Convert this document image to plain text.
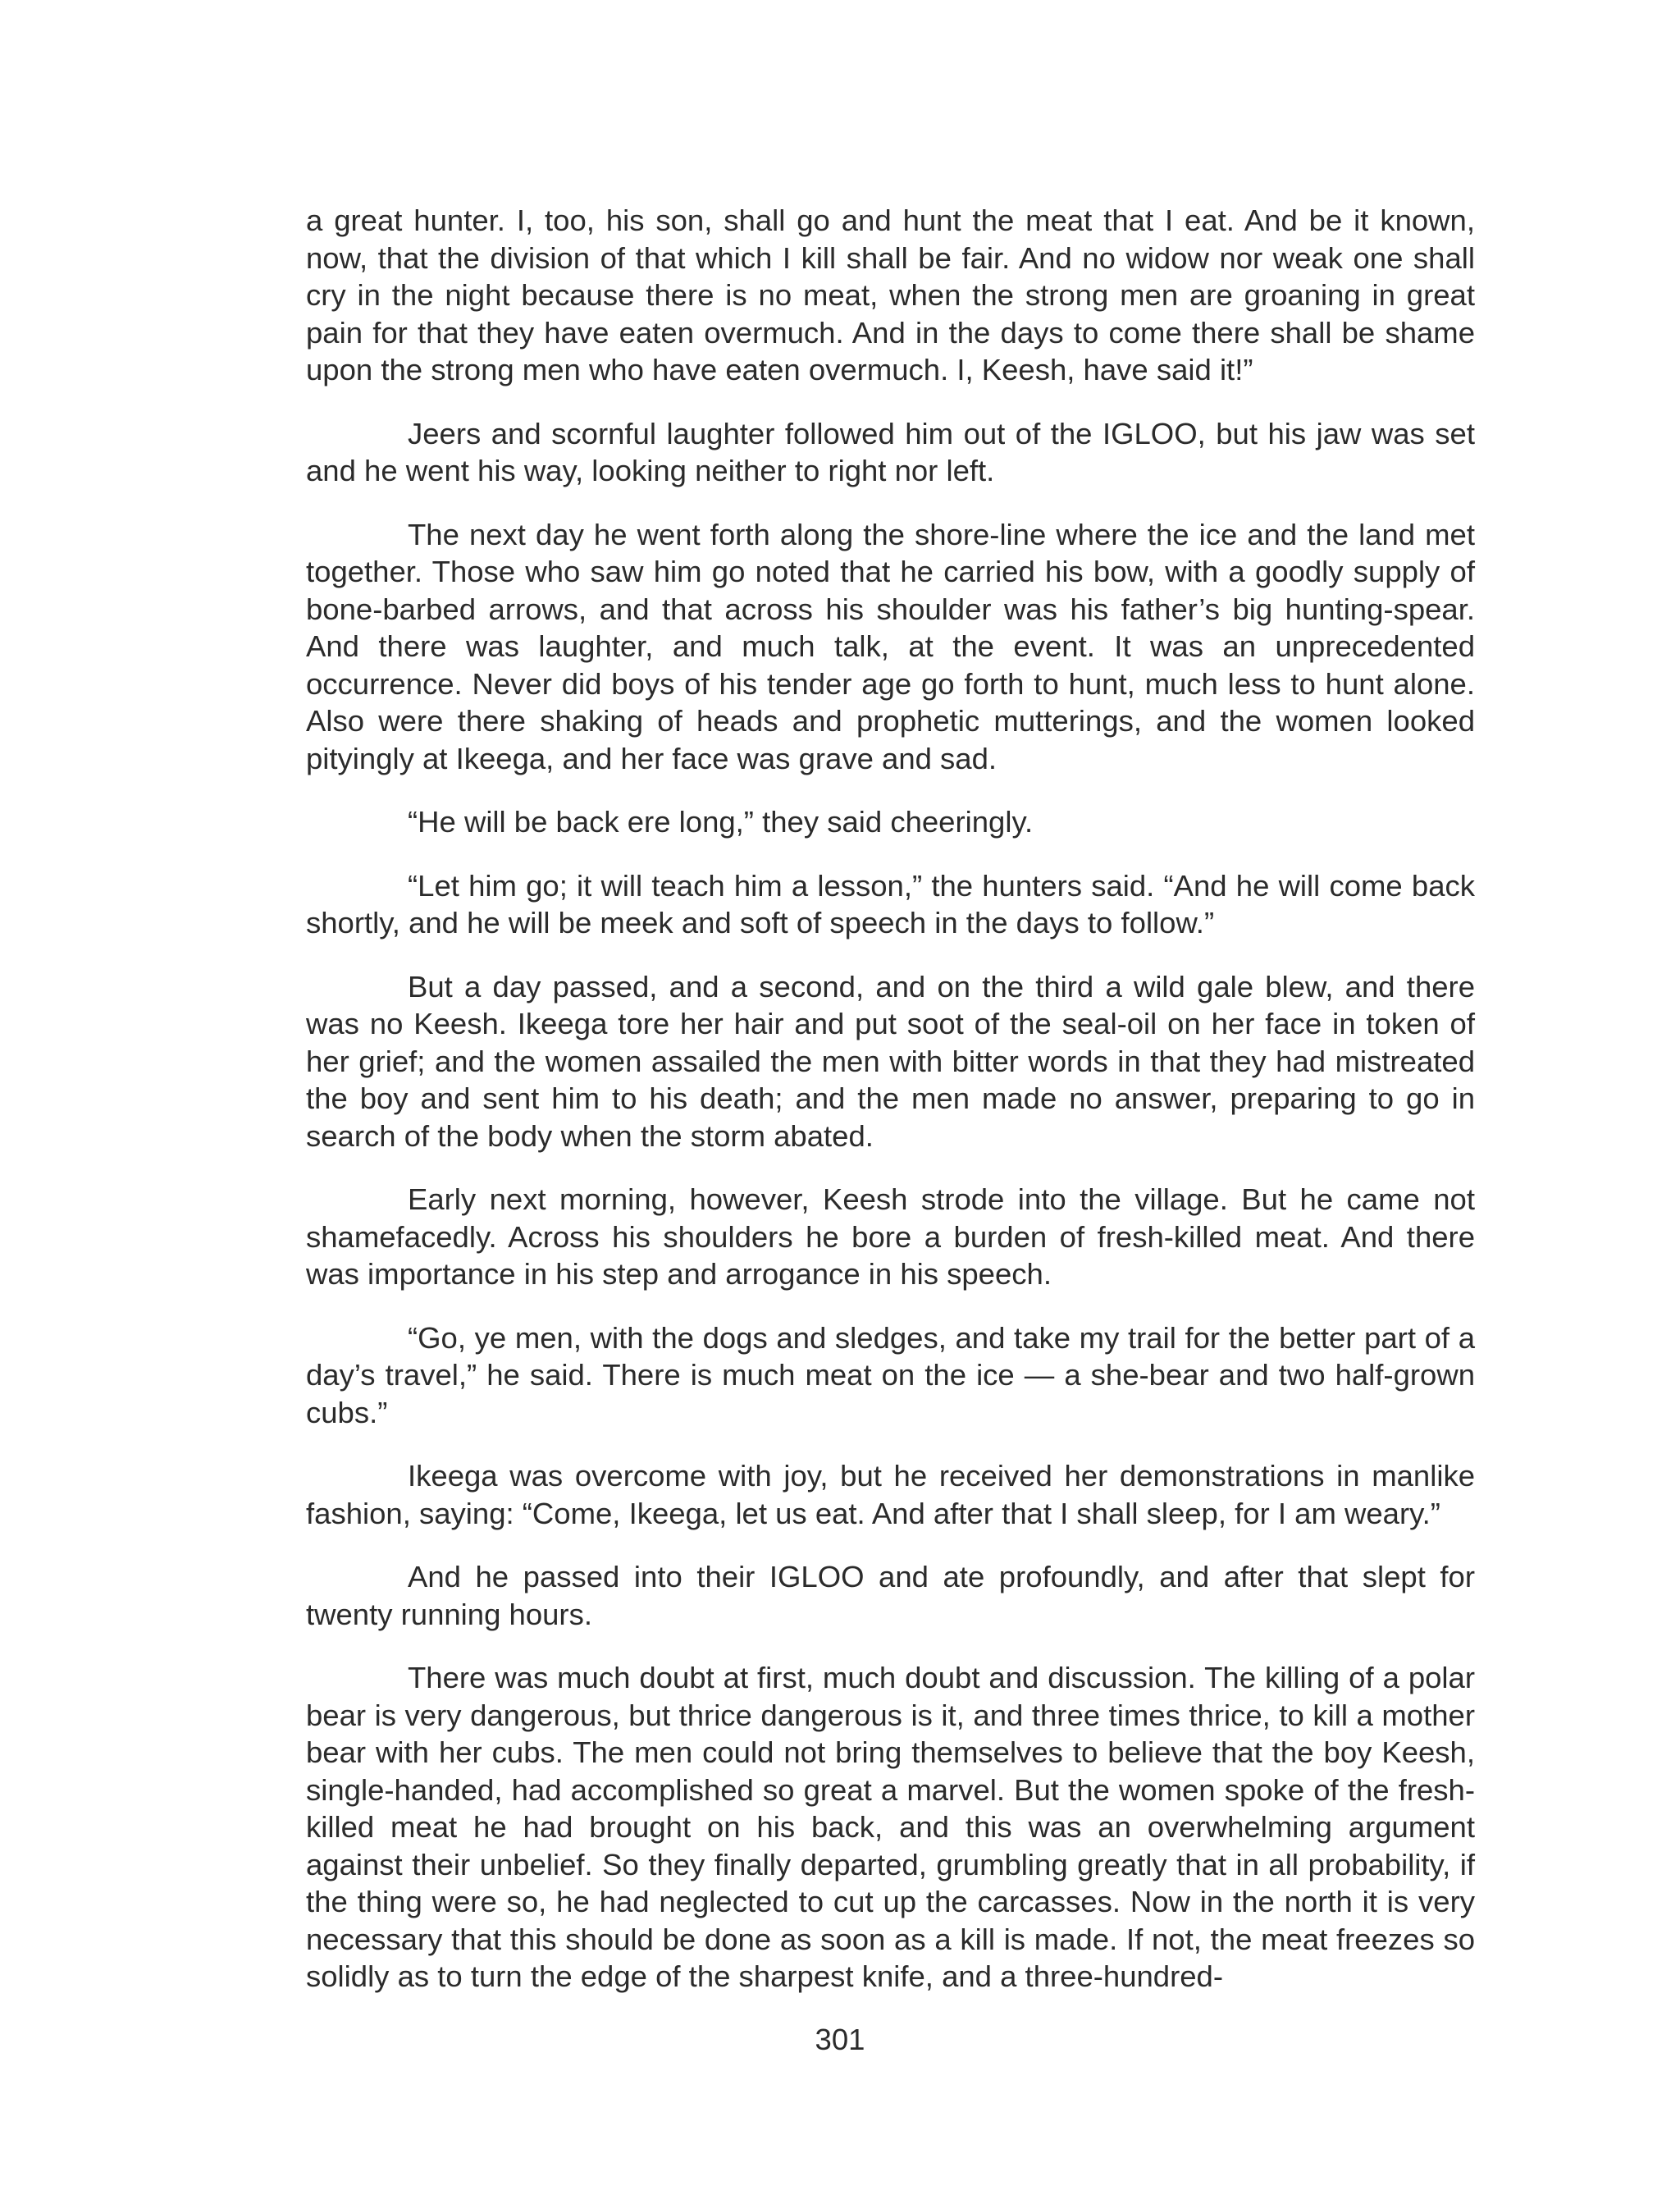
a great hunter. I, too, his son, shall go and hunt the meat that I eat. And be it known, now, that the division of that which I kill shall be fair. And no widow nor weak one shall cry in the night because there is no meat, when the strong men are groaning in great pain for that they have eaten overmuch. And in the days to come there shall be shame upon the strong men who have eaten overmuch. I, Keesh, have said it!”

Jeers and scornful laughter followed him out of the IGLOO, but his jaw was set and he went his way, looking neither to right nor left.

The next day he went forth along the shore-line where the ice and the land met together. Those who saw him go noted that he carried his bow, with a goodly supply of bone-barbed arrows, and that across his shoulder was his father’s big hunting-spear. And there was laughter, and much talk, at the event. It was an unprecedented occurrence. Never did boys of his tender age go forth to hunt, much less to hunt alone. Also were there shaking of heads and prophetic mutterings, and the women looked pityingly at Ikeega, and her face was grave and sad.

“He will be back ere long,” they said cheeringly.

“Let him go; it will teach him a lesson,” the hunters said. “And he will come back shortly, and he will be meek and soft of speech in the days to follow.”

But a day passed, and a second, and on the third a wild gale blew, and there was no Keesh. Ikeega tore her hair and put soot of the seal-oil on her face in token of her grief; and the women assailed the men with bitter words in that they had mistreated the boy and sent him to his death; and the men made no answer, preparing to go in search of the body when the storm abated.

Early next morning, however, Keesh strode into the village. But he came not shamefacedly. Across his shoulders he bore a burden of fresh-killed meat. And there was importance in his step and arrogance in his speech.

“Go, ye men, with the dogs and sledges, and take my trail for the better part of a day’s travel,” he said. There is much meat on the ice — a she-bear and two half-grown cubs.”

Ikeega was overcome with joy, but he received her demonstrations in manlike fashion, saying: “Come, Ikeega, let us eat. And after that I shall sleep, for I am weary.”

And he passed into their IGLOO and ate profoundly, and after that slept for twenty running hours.

There was much doubt at first, much doubt and discussion. The killing of a polar bear is very dangerous, but thrice dangerous is it, and three times thrice, to kill a mother bear with her cubs. The men could not bring themselves to believe that the boy Keesh, single-handed, had accomplished so great a marvel. But the women spoke of the fresh-killed meat he had brought on his back, and this was an overwhelming argument against their unbelief. So they finally departed, grumbling greatly that in all probability, if the thing were so, he had neglected to cut up the carcasses. Now in the north it is very necessary that this should be done as soon as a kill is made. If not, the meat freezes so solidly as to turn the edge of the sharpest knife, and a three-hundred-

301
